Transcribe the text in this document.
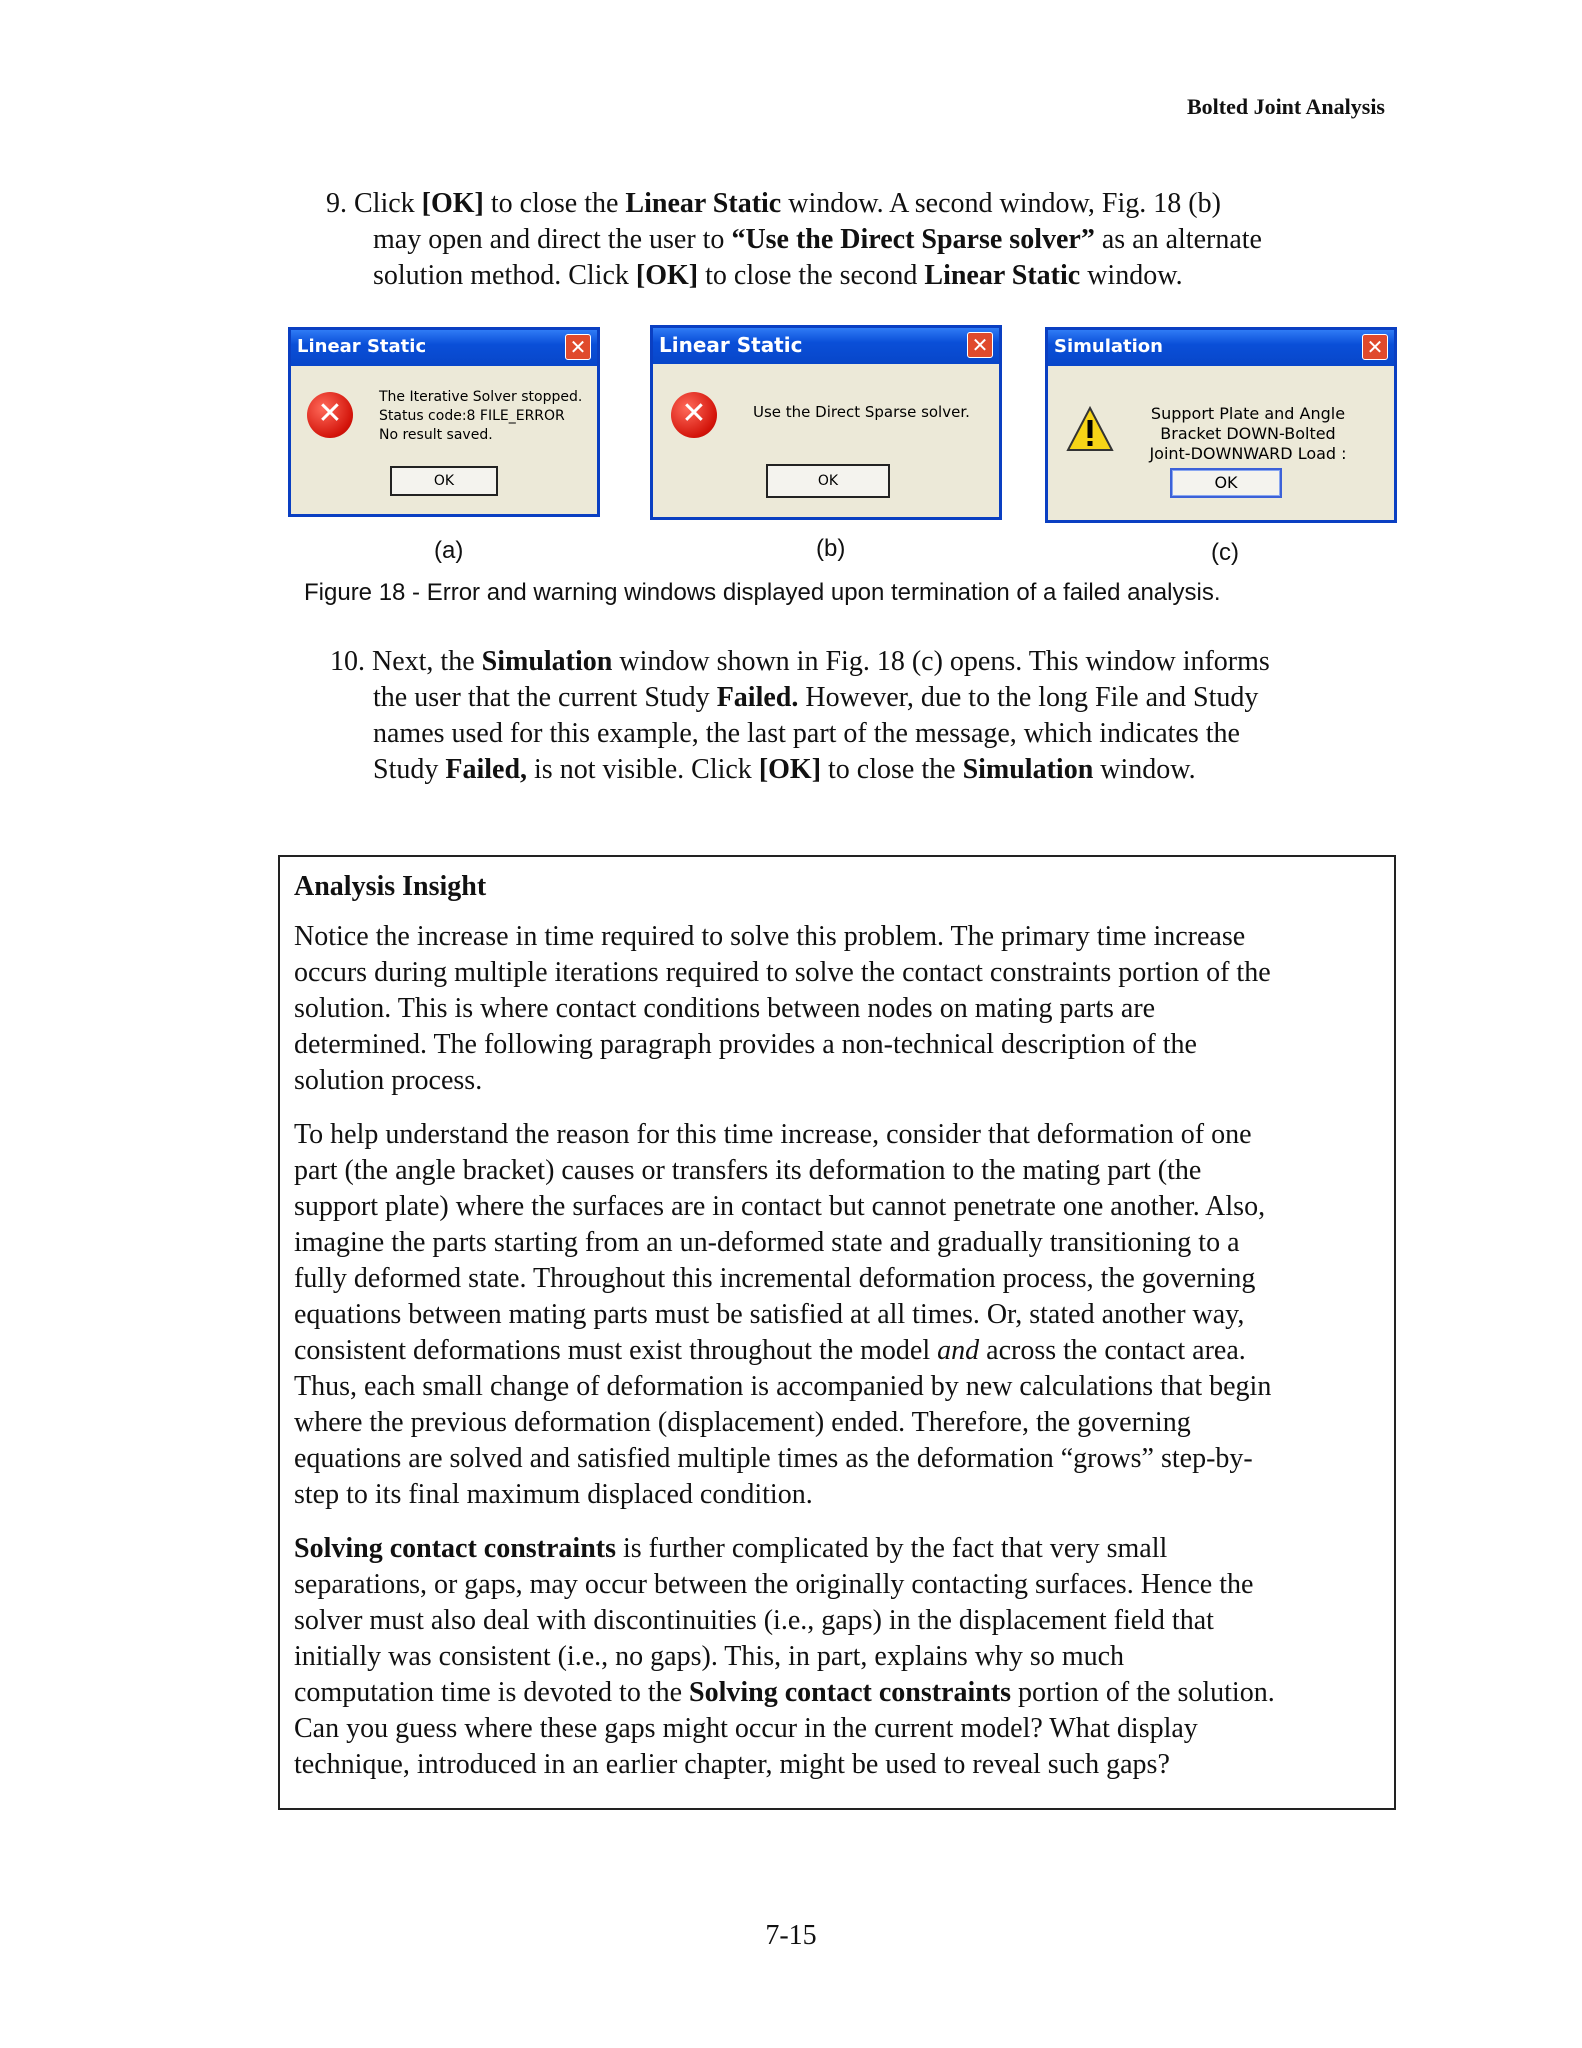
Bolted Joint Analysis

9. Click [OK] to close the Linear Static window. A second window, Fig. 18 (b)

may open and direct the user to “Use the Direct Sparse solver” as an alternate

solution method. Click [OK] to close the second Linear Static window.

Linear Static	✕
✕	The Iterative Solver stopped.
Status code:8 FILE_ERROR
No result saved.
OK
Linear Static	✕
✕	Use the Direct Sparse solver.
OK
Simulation	✕
Support Plate and Angle
Bracket DOWN-Bolted
Joint-DOWNWARD Load :
OK
(a)	(b)	(c)
Figure 18 - Error and warning windows displayed upon termination of a failed analysis.

10. Next, the Simulation window shown in Fig. 18 (c) opens. This window informs

the user that the current Study Failed. However, due to the long File and Study

names used for this example, the last part of the message, which indicates the

Study Failed, is not visible. Click [OK] to close the Simulation window.

Analysis Insight

Notice the increase in time required to solve this problem. The primary time increase
occurs during multiple iterations required to solve the contact constraints portion of the
solution. This is where contact conditions between nodes on mating parts are
determined. The following paragraph provides a non-technical description of the
solution process.

To help understand the reason for this time increase, consider that deformation of one
part (the angle bracket) causes or transfers its deformation to the mating part (the
support plate) where the surfaces are in contact but cannot penetrate one another. Also,
imagine the parts starting from an un-deformed state and gradually transitioning to a
fully deformed state. Throughout this incremental deformation process, the governing
equations between mating parts must be satisfied at all times. Or, stated another way,
consistent deformations must exist throughout the model and across the contact area.
Thus, each small change of deformation is accompanied by new calculations that begin
where the previous deformation (displacement) ended. Therefore, the governing
equations are solved and satisfied multiple times as the deformation “grows” step-by-
step to its final maximum displaced condition.

Solving contact constraints is further complicated by the fact that very small
separations, or gaps, may occur between the originally contacting surfaces. Hence the
solver must also deal with discontinuities (i.e., gaps) in the displacement field that
initially was consistent (i.e., no gaps). This, in part, explains why so much
computation time is devoted to the Solving contact constraints portion of the solution.
Can you guess where these gaps might occur in the current model? What display
technique, introduced in an earlier chapter, might be used to reveal such gaps?

7-15
